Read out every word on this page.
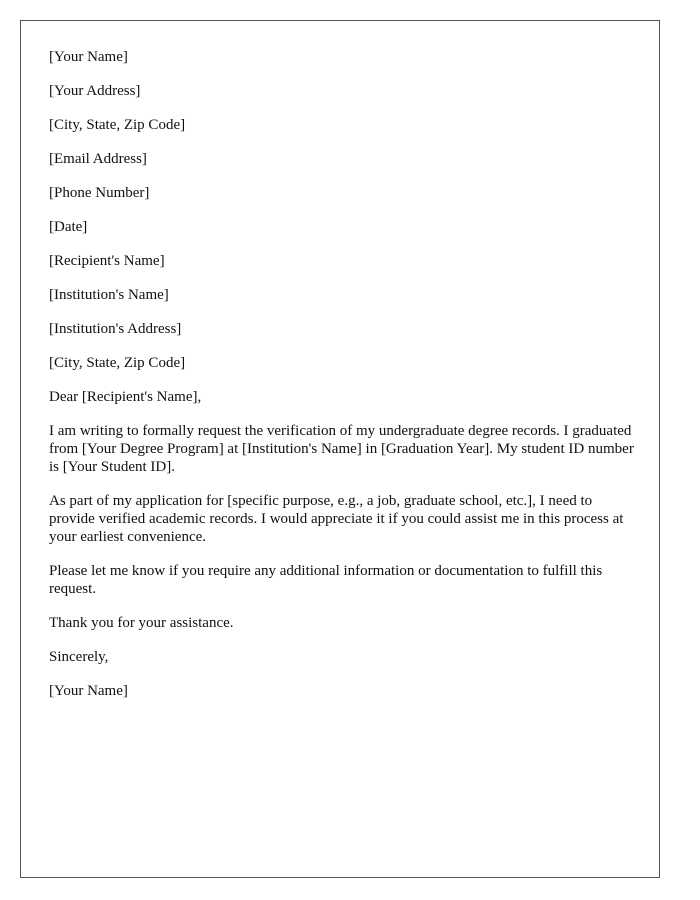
[Your Name]

[Your Address]

[City, State, Zip Code]

[Email Address]

[Phone Number]

[Date]

[Recipient's Name]

[Institution's Name]

[Institution's Address]

[City, State, Zip Code]

Dear [Recipient's Name],

I am writing to formally request the verification of my undergraduate degree records. I graduated from [Your Degree Program] at [Institution's Name] in [Graduation Year]. My student ID number is [Your Student ID].

As part of my application for [specific purpose, e.g., a job, graduate school, etc.], I need to provide verified academic records. I would appreciate it if you could assist me in this process at your earliest convenience.

Please let me know if you require any additional information or documentation to fulfill this request.

Thank you for your assistance.

Sincerely,

[Your Name]
